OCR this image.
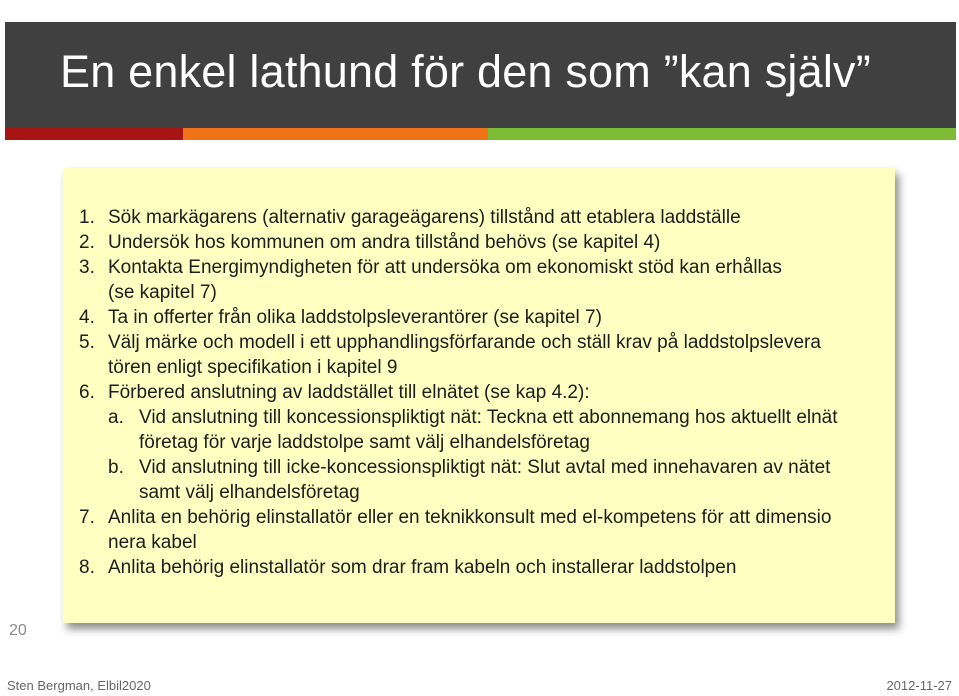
En enkel lathund för den som ”kan själv”
1. Sök markägarens (alternativ garageägarens) tillstånd att etablera laddställe
2. Undersök hos kommunen om andra tillstånd behövs (se kapitel 4)
3. Kontakta Energimyndigheten för att undersöka om ekonomiskt stöd kan erhållas
(se kapitel 7)
4. Ta in offerter från olika laddstolpsleverantörer (se kapitel 7)
5. Välj märke och modell i ett upphandlingsförfarande och ställ krav på laddstolpslevera
tören enligt specifikation i kapitel 9
6. Förbered anslutning av laddstället till elnätet (se kap 4.2):
a. Vid anslutning till koncessionspliktigt nät: Teckna ett abonnemang hos aktuellt elnät
företag för varje laddstolpe samt välj elhandelsföretag
b. Vid anslutning till icke-koncessionspliktigt nät: Slut avtal med innehavaren av nätet
samt välj elhandelsföretag
7. Anlita en behörig elinstallatör eller en teknikkonsult med el-kompetens för att dimensio
nera kabel
8. Anlita behörig elinstallatör som drar fram kabeln och installerar laddstolpen
20
Sten Bergman, Elbil2020	2012-11-27
